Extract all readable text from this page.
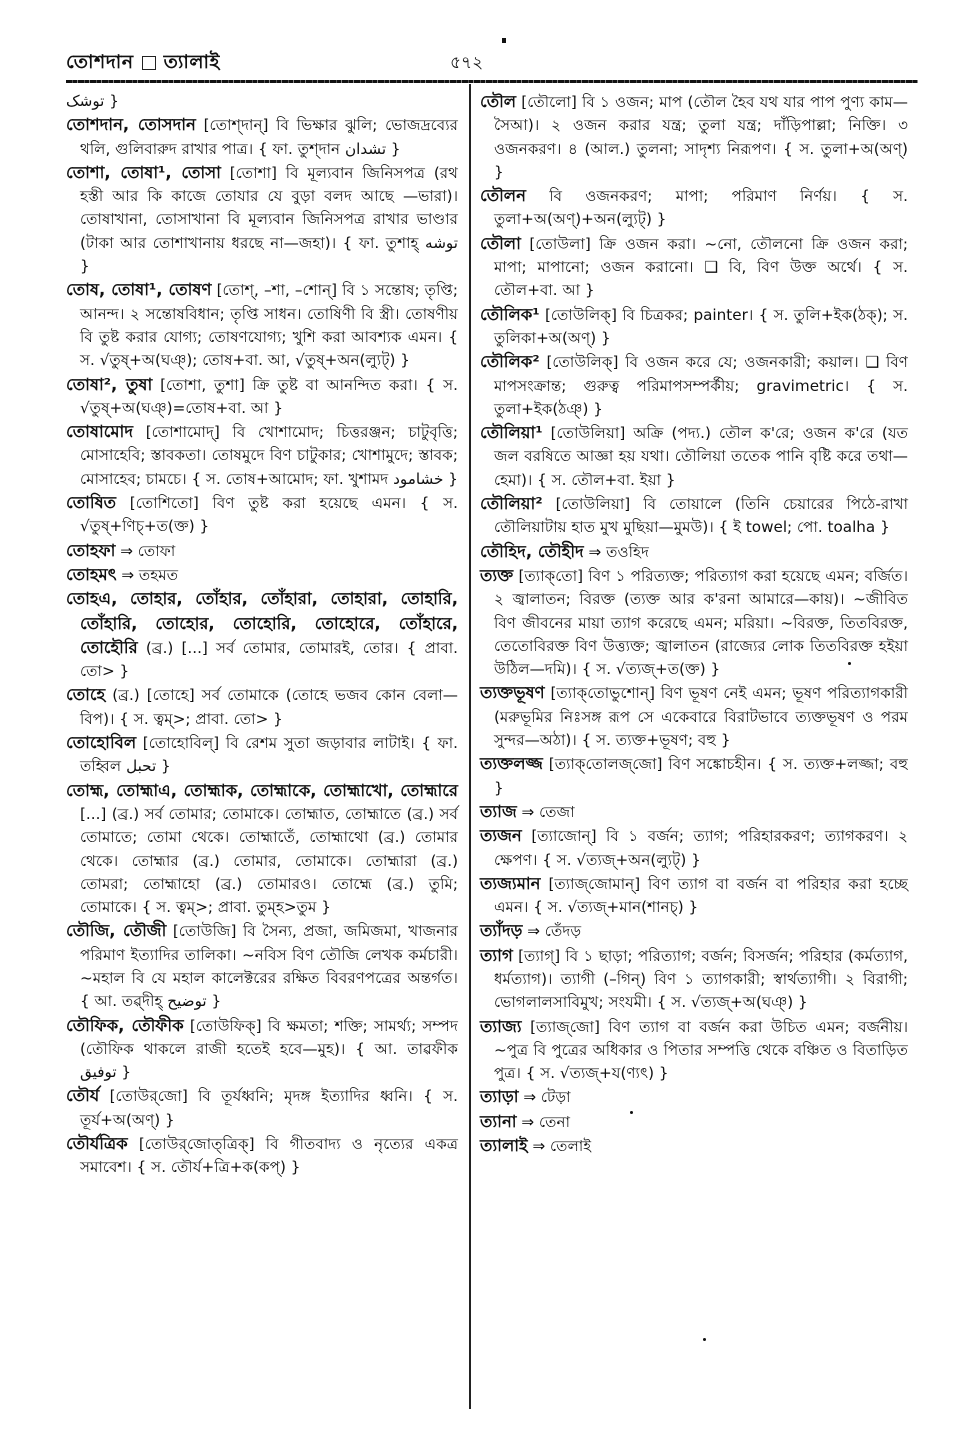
তোশদান ত্যালাই	৫৭২

توشک }

তোশদান, তোসদান [তোশ্‌দান্‌] বি ভিক্ষার ঝুলি; ভোজদ্রব্যের থলি, গুলিবারুদ রাখার পাত্র। { ফা. তুশ্‌দান تشدان }

তোশা, তোষা¹, তোসা [তোশা] বি মূল্যবান জিনিসপত্র (রথ হস্তী আর কি কাজে তোযার যে বুড়া বলদ আছে —ভারা)। তোষাখানা, তোসাখানা বি মূল্যবান জিনিসপত্র রাখার ভাণ্ডার (টাকা আর তোশাখানায় ধরছে না—জহা)। { ফা. তুশাহ্‌ توشه }

তোষ, তোষা¹, তোষণ [তোশ্‌, –শা, –শোন্‌] বি ১ সন্তোষ; তৃপ্তি; আনন্দ। ২ সন্তোষবিধান; তৃপ্তি সাধন। তোষিণী বি স্ত্রী। তোষণীয় বি তুষ্ট করার যোগ্য; তোষণযোগ্য; খুশি করা আবশ্যক এমন। { স. √তুষ্‌+অ(ঘঞ্‌); তোষ+বা. আ, √তুষ্‌+অন(ল্যুট্‌) }

তোষা², তুষা [তোশা, তুশা] ক্রি তুষ্ট বা আনন্দিত করা। { স. √তুষ্‌+অ(ঘঞ্‌)=তোষ+বা. আ }

তোষামোদ [তোশামোদ্‌] বি খোশামোদ; চিত্তরঞ্জন; চাটুবৃত্তি; মোসাহেবি; স্তাবকতা। তোষমুদে বিণ চাটুকার; খোশামুদে; স্তাবক; মোসাহেব; চামচে। { স. তোষ+আমোদ; ফা. খুশামদ خشامود }

তোষিত [তোশিতো] বিণ তুষ্ট করা হয়েছে এমন। { স. √তুষ্‌+ণিচ্‌+ত(ক্ত) }

তোহফা ⇒ তোফা

তোহমৎ ⇒ তহমত

তোহএ, তোহার, তোঁহার, তোঁহারা, তোহারা, তোহারি, তোঁহারি, তোহোর, তোহোরি, তোহোরে, তোঁহারে, তোহৌরি (ব্র.) [...] সর্ব তোমার, তোমারই, তোর। { প্রাবা. তো> }

তোহে (ব্র.) [তোহে] সর্ব তোমাকে (তোহে ভজব কোন বেলা—বিপ)। { স. ত্বম্‌>; প্রাবা. তো> }

তোহোবিল [তোহোবিল্‌] বি রেশম সুতা জড়াবার লাটাই। { ফা. তহ্বিল تحبل }

তোহ্ম, তোহ্মাএ, তোহ্মাক, তোহ্মাকে, তোহ্মাখো, তোহ্মারে [...] (ব্র.) সর্ব তোমার; তোমাকে। তোহ্মাত, তোহ্মাতে (ব্র.) সর্ব তোমাতে; তোমা থেকে। তোহ্মাতেঁ, তোহ্মাথো (ব্র.) তোমার থেকে। তোহ্মার (ব্র.) তোমার, তোমাকে। তোহ্মারা (ব্র.) তোমরা; তোহ্মাহো (ব্র.) তোমারও। তোহ্মে (ব্র.) তুমি; তোমাকে। { স. ত্বম্‌>; প্রাবা. তুম্হ>তুম }

তৌজি, তৌজী [তোউজি] বি সৈন্য, প্রজা, জমিজমা, খাজনার পরিমাণ ইত্যাদির তালিকা। ~নবিস বিণ তৌজি লেখক কর্মচারী। ~মহাল বি যে মহাল কালেক্টরের রক্ষিত বিবরণপত্রের অন্তর্গত। { আ. তৱ্‌দীহ্‌ توضيح }

তৌফিক, তৌফীক [তোউফিক্‌] বি ক্ষমতা; শক্তি; সামর্থ্য; সম্পদ (তৌফিক থাকলে রাজী হতেই হবে—মুহ)। { আ. তাৱফীক توفيق }

তৌর্য [তোউর্‌জো] বি তূর্যধ্বনি; মৃদঙ্গ ইত্যাদির ধ্বনি। { স. তূর্য+অ(অণ্‌) }

তৌর্যত্রিক [তোউর্‌জোত্‌ত্রিক্‌] বি গীতবাদ্য ও নৃত্যের একত্র সমাবেশ। { স. তৌর্য+ত্রি+ক(কপ্‌) }

তৌল [তৌলো] বি ১ ওজন; মাপ (তৌল হৈব যথ যার পাপ পুণ্য কাম—সৈআ)। ২ ওজন করার যন্ত্র; তুলা যন্ত্র; দাঁড়িপাল্লা; নিক্তি। ৩ ওজনকরণ। ৪ (আল.) তুলনা; সাদৃশ্য নিরূপণ। { স. তুলা+অ(অণ্‌) }

তৌলন বি ওজনকরণ; মাপা; পরিমাণ নির্ণয়। { স. তুলা+অ(অণ্‌)+অন(ল্যুট্‌) }

তৌলা [তোউলা] ক্রি ওজন করা। ~নো, তৌলনো ক্রি ওজন করা; মাপা; মাপানো; ওজন করানো। ❑ বি, বিণ উক্ত অর্থে। { স. তৌল+বা. আ }

তৌলিক¹ [তোউলিক্‌] বি চিত্রকর; painter। { স. তুলি+ইক(ঠক্‌); স. তুলিকা+অ(অণ্‌) }

তৌলিক² [তোউলিক্‌] বি ওজন করে যে; ওজনকারী; কয়াল। ❑ বিণ মাপসংক্রান্ত; গুরুত্ব পরিমাপসম্পর্কীয়; gravimetric। { স. তুলা+ইক(ঠঞ্‌) }

তৌলিয়া¹ [তোউলিয়া] অক্রি (পদ্য.) তৌল ক'রে; ওজন ক'রে (যত জল বরষিতে আজ্ঞা হয় যথা। তৌলিয়া ততেক পানি বৃষ্টি করে তথা—হেমা)। { স. তৌল+বা. ইয়া }

তৌলিয়া² [তোউলিয়া] বি তোয়ালে (তিনি চেয়ারের পিঠে-রাখা তৌলিয়াটায় হাত মুখ মুছিয়া—মুমউ)। { ই towel; পো. toalha }

তৌহিদ, তৌহীদ ⇒ তওহিদ

ত্যক্ত [ত্যাক্‌তো] বিণ ১ পরিত্যক্ত; পরিত্যাগ করা হয়েছে এমন; বর্জিত। ২ জ্বালাতন; বিরক্ত (ত্যক্ত আর ক'রনা আমারে—কায়)। ~জীবিত বিণ জীবনের মায়া ত্যাগ করেছে এমন; মরিয়া। ~বিরক্ত, তিতবিরক্ত, তেতোবিরক্ত বিণ উত্ত্যক্ত; জ্বালাতন (রাজ্যের লোক তিতবিরক্ত হইয়া উঠিল—দমি)। { স. √ত্যজ্‌+ত(ক্ত) }

ত্যক্তভূষণ [ত্যাক্‌তোভুশোন্‌] বিণ ভূষণ নেই এমন; ভূষণ পরিত্যাগকারী (মরুভূমির নিঃসঙ্গ রূপ সে একেবারে বিরাটভাবে ত্যক্তভূষণ ও পরম সুন্দর—অঠা)। { স. ত্যক্ত+ভূষণ; বহু }

ত্যক্তলজ্জ [ত্যাক্‌তোলজ্‌জো] বিণ সঙ্কোচহীন। { স. ত্যক্ত+লজ্জা; বহু }

ত্যাজ ⇒ তেজা

ত্যজন [ত্যাজোন্‌] বি ১ বর্জন; ত্যাগ; পরিহারকরণ; ত্যাগকরণ। ২ ক্ষেপণ। { স. √ত্যজ্‌+অন(ল্যুট্‌) }

ত্যজ্যমান [ত্যাজ্‌জোমান্‌] বিণ ত্যাগ বা বর্জন বা পরিহার করা হচ্ছে এমন। { স. √ত্যজ্‌+মান(শানচ্‌) }

ত্যাঁদড় ⇒ তেঁদড়

ত্যাগ [ত্যাগ্‌] বি ১ ছাড়া; পরিত্যাগ; বর্জন; বিসর্জন; পরিহার (কর্মত্যাগ, ধর্মত্যাগ)। ত্যাগী (–গিন্‌) বিণ ১ ত্যাগকারী; স্বার্থত্যাগী। ২ বিরাগী; ভোগলালসাবিমুখ; সংযমী। { স. √ত্যজ্‌+অ(ঘঞ্‌) }

ত্যাজ্য [ত্যাজ্‌জো] বিণ ত্যাগ বা বর্জন করা উচিত এমন; বর্জনীয়। ~পুত্র বি পুত্রের অধিকার ও পিতার সম্পত্তি থেকে বঞ্চিত ও বিতাড়িত পুত্র। { স. √ত্যজ্‌+য(ণ্যৎ) }

ত্যাড়া ⇒ টেড়া

ত্যানা ⇒ তেনা

ত্যালাই ⇒ তেলাই
